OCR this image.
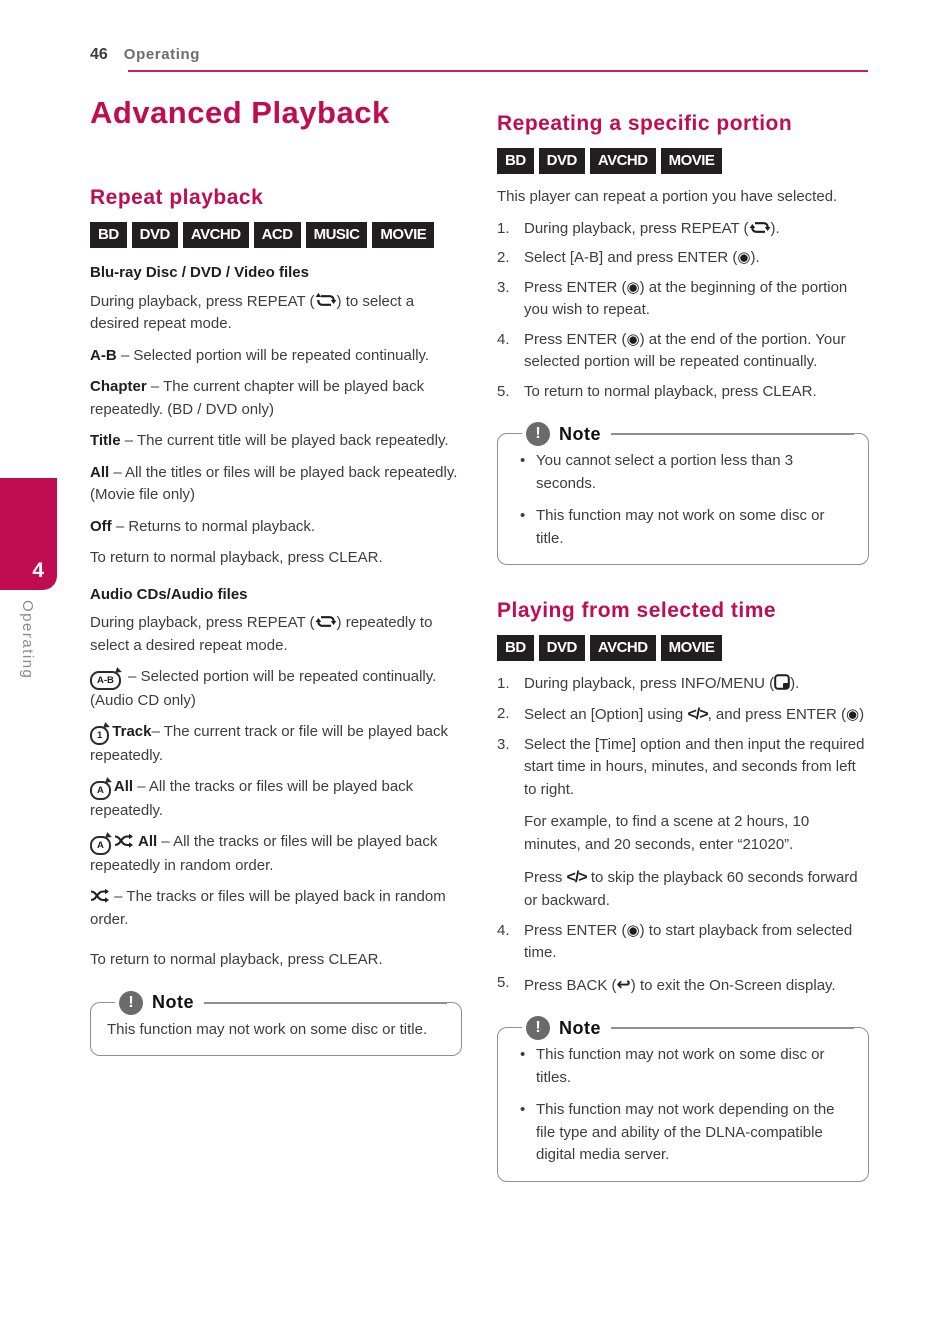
46 Operating
4
Operating
Advanced Playback
Repeat playback
BD	DVD	AVCHD	ACD	MUSIC	MOVIE

Blu-ray Disc / DVD / Video files

During playback, press REPEAT ( ) to select a desired repeat mode.

A-B – Selected portion will be repeated continually.

Chapter – The current chapter will be played back repeatedly. (BD / DVD only)

Title – The current title will be played back repeatedly.

All – All the titles or files will be played back repeatedly. (Movie file only)

Off – Returns to normal playback.

To return to normal playback, press CLEAR.

Audio CDs/Audio files

During playback, press REPEAT ( ) repeatedly to select a desired repeat mode.

A-B – Selected portion will be repeated continually. (Audio CD only)

1 Track– The current track or file will be played back repeatedly.

A All – All the tracks or files will be played back repeatedly.

A All – All the tracks or files will be played back repeatedly in random order.

– The tracks or files will be played back in random order.

To return to normal playback, press CLEAR.

!	Note

This function may not work on some disc or title.

Repeating a specific portion
BD	DVD	AVCHD	MOVIE

This player can repeat a portion you have selected.

1. During playback, press REPEAT ( ).
2. Select [A-B] and press ENTER (◉).
3. Press ENTER (◉) at the beginning of the portion you wish to repeat.
4. Press ENTER (◉) at the end of the portion. Your selected portion will be repeated continually.
5. To return to normal playback, press CLEAR.
!	Note
• You cannot select a portion less than 3 seconds.
• This function may not work on some disc or title.
Playing from selected time
BD	DVD	AVCHD	MOVIE
1. During playback, press INFO/MENU ( ).
2. Select an [Option] using </>, and press ENTER (◉)
3. Select the [Time] option and then input the required start time in hours, minutes, and seconds from left to right.

For example, to find a scene at 2 hours, 10 minutes, and 20 seconds, enter “21020”.

Press </> to skip the playback 60 seconds forward or backward.

4. Press ENTER (◉) to start playback from selected time.
5. Press BACK (↩) to exit the On-Screen display.
!	Note
• This function may not work on some disc or titles.
• This function may not work depending on the file type and ability of the DLNA-compatible digital media server.
